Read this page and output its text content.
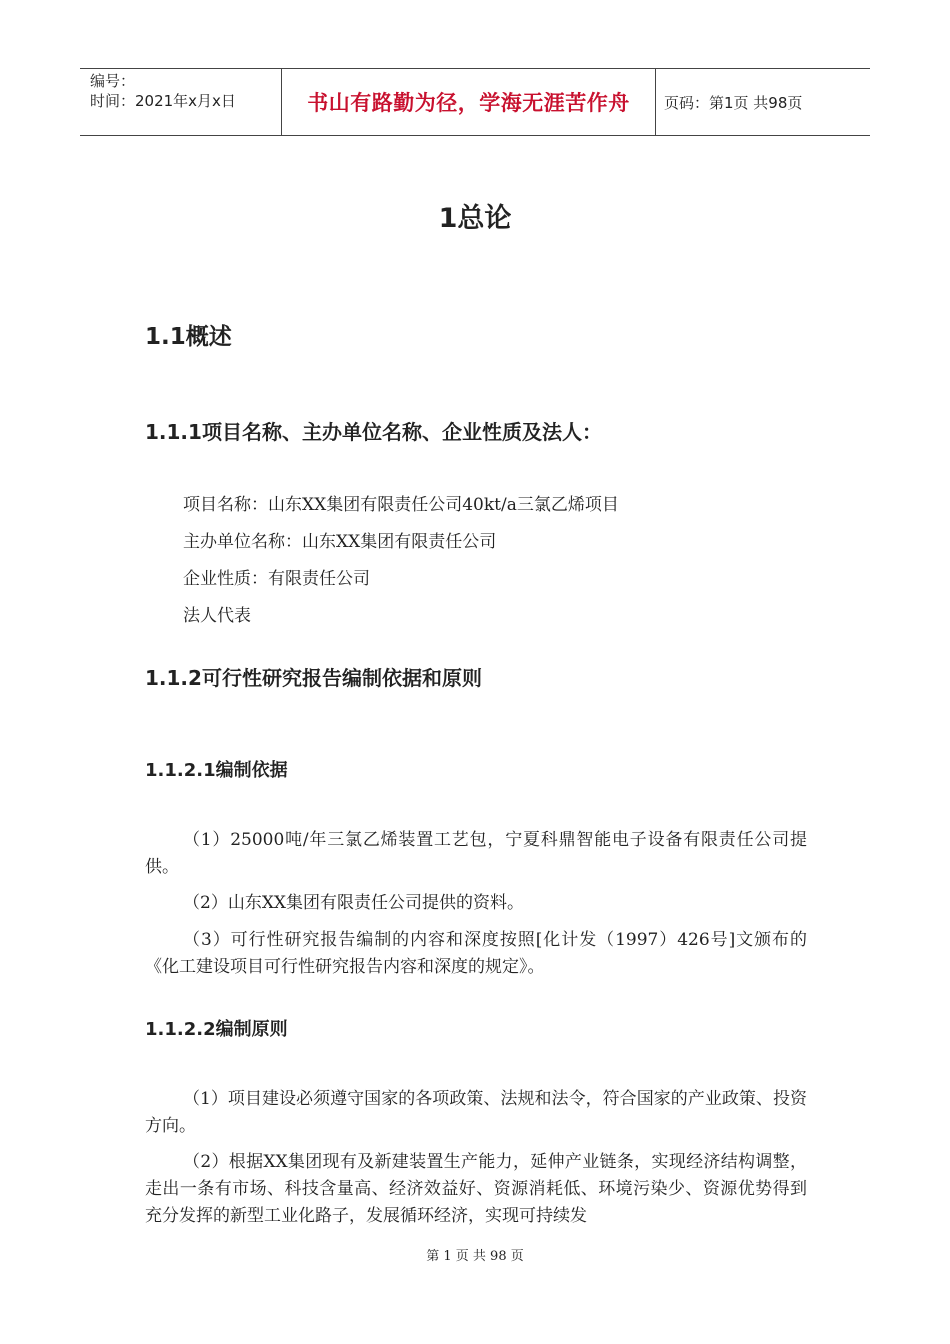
编号：
时间：2021年x月x日	书山有路勤为径，学海无涯苦作舟	页码：第1页 共98页
1总论
1.1概述
1.1.1项目名称、主办单位名称、企业性质及法人：
项目名称：山东XX集团有限责任公司40kt/a三氯乙烯项目
主办单位名称：山东XX集团有限责任公司
企业性质：有限责任公司
法人代表
1.1.2可行性研究报告编制依据和原则
1.1.2.1编制依据
（1）25000吨/年三氯乙烯装置工艺包，宁夏科鼎智能电子设备有限责任公司提供。
（2）山东XX集团有限责任公司提供的资料。
（3）可行性研究报告编制的内容和深度按照[化计发（1997）426号]文颁布的《化工建设项目可行性研究报告内容和深度的规定》。
1.1.2.2编制原则
（1）项目建设必须遵守国家的各项政策、法规和法令，符合国家的产业政策、投资方向。
（2）根据XX集团现有及新建装置生产能力，延伸产业链条，实现经济结构调整，走出一条有市场、科技含量高、经济效益好、资源消耗低、环境污染少、资源优势得到充分发挥的新型工业化路子，发展循环经济，实现可持续发
第 1 页 共 98 页
